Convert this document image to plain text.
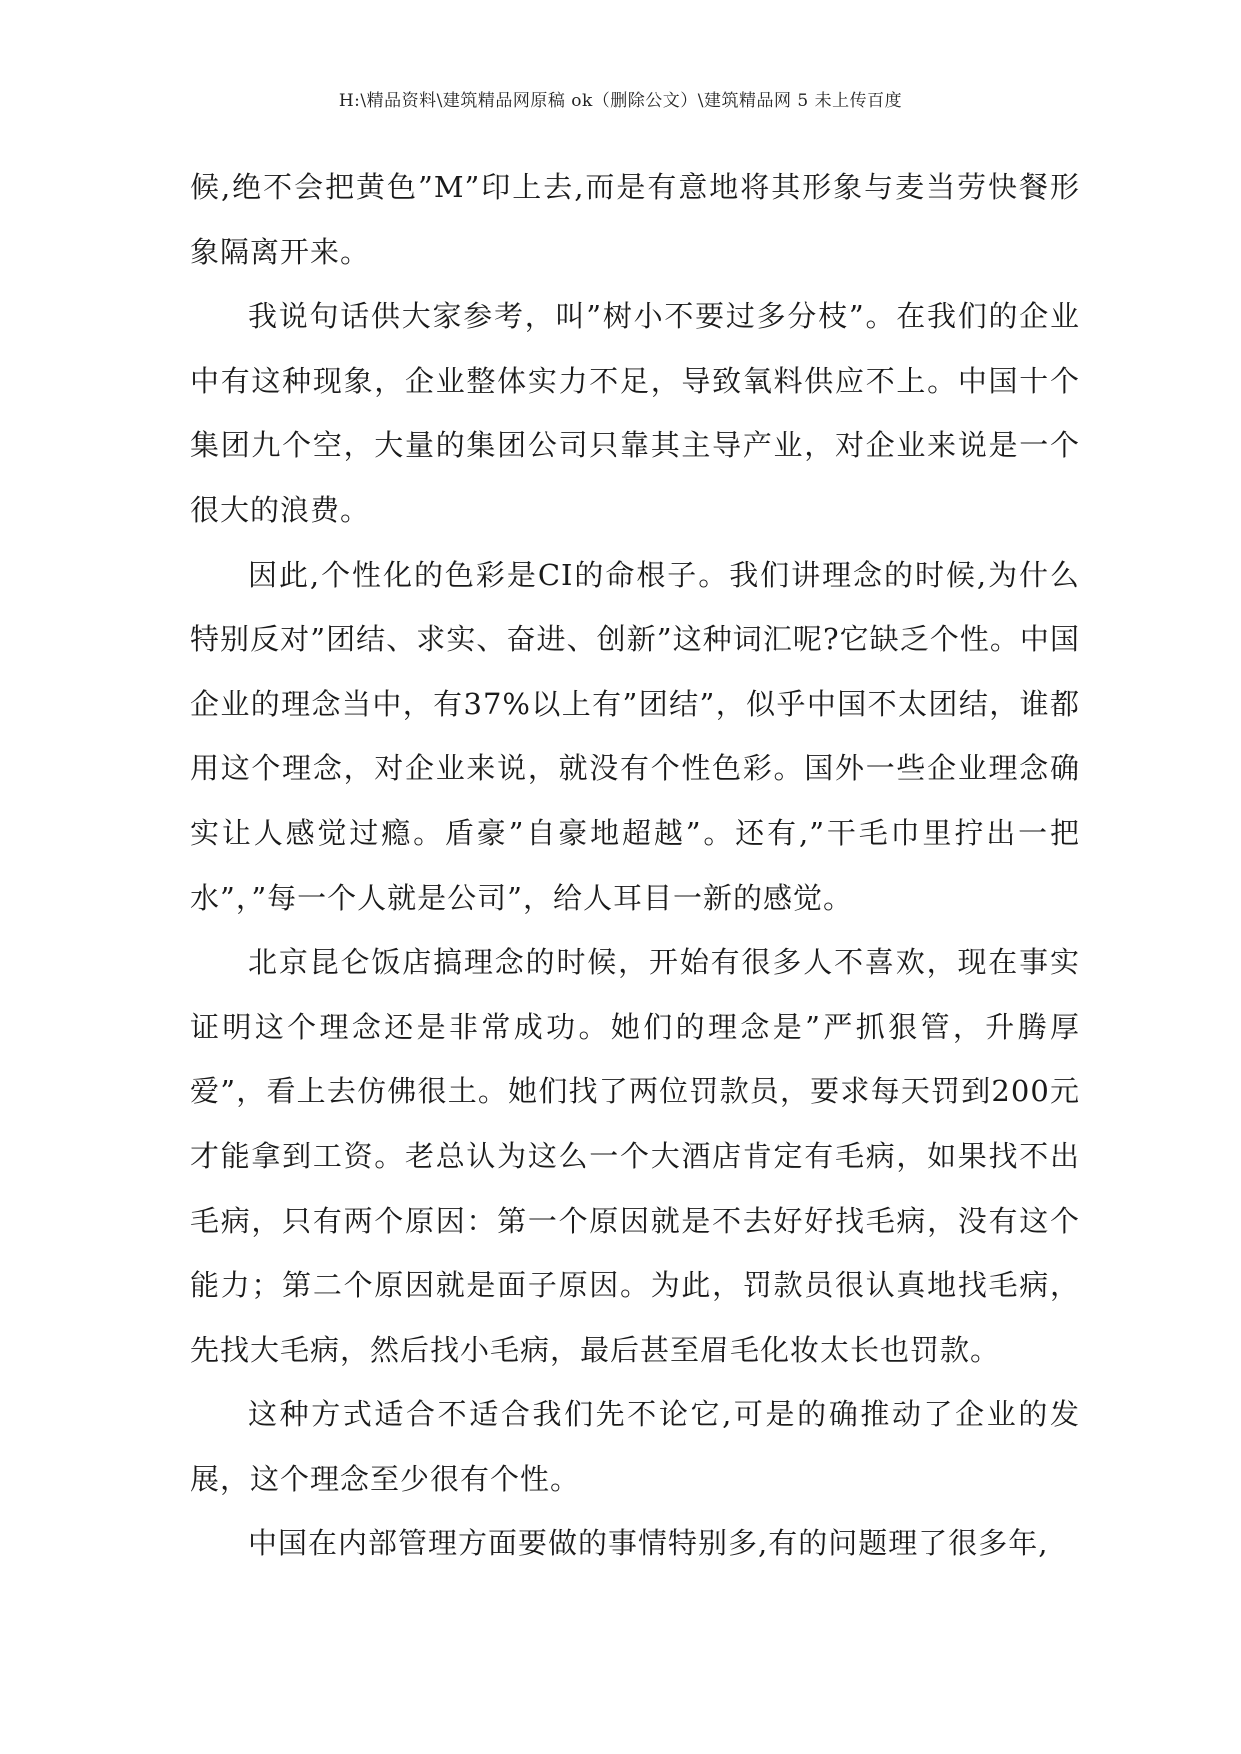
H:\精品资料\建筑精品网原稿 ok（删除公文）\建筑精品网 5 未上传百度

候,绝不会把黄色”M”印上去,而是有意地将其形象与麦当劳快餐形象隔离开来。

我说句话供大家参考，叫”树小不要过多分枝”。在我们的企业中有这种现象，企业整体实力不足，导致氧料供应不上。中国十个集团九个空，大量的集团公司只靠其主导产业，对企业来说是一个很大的浪费。

因此,个性化的色彩是CI的命根子。我们讲理念的时候,为什么特别反对”团结、求实、奋进、创新”这种词汇呢?它缺乏个性。中国企业的理念当中，有37%以上有”团结”，似乎中国不太团结，谁都用这个理念，对企业来说，就没有个性色彩。国外一些企业理念确实让人感觉过瘾。盾豪”自豪地超越”。还有,”干毛巾里拧出一把水”，”每一个人就是公司”，给人耳目一新的感觉。

北京昆仑饭店搞理念的时候，开始有很多人不喜欢，现在事实证明这个理念还是非常成功。她们的理念是”严抓狠管，升腾厚爱”，看上去仿佛很土。她们找了两位罚款员，要求每天罚到200元才能拿到工资。老总认为这么一个大酒店肯定有毛病，如果找不出毛病，只有两个原因：第一个原因就是不去好好找毛病，没有这个能力；第二个原因就是面子原因。为此，罚款员很认真地找毛病，先找大毛病，然后找小毛病，最后甚至眉毛化妆太长也罚款。

这种方式适合不适合我们先不论它,可是的确推动了企业的发展，这个理念至少很有个性。

中国在内部管理方面要做的事情特别多,有的问题理了很多年,
